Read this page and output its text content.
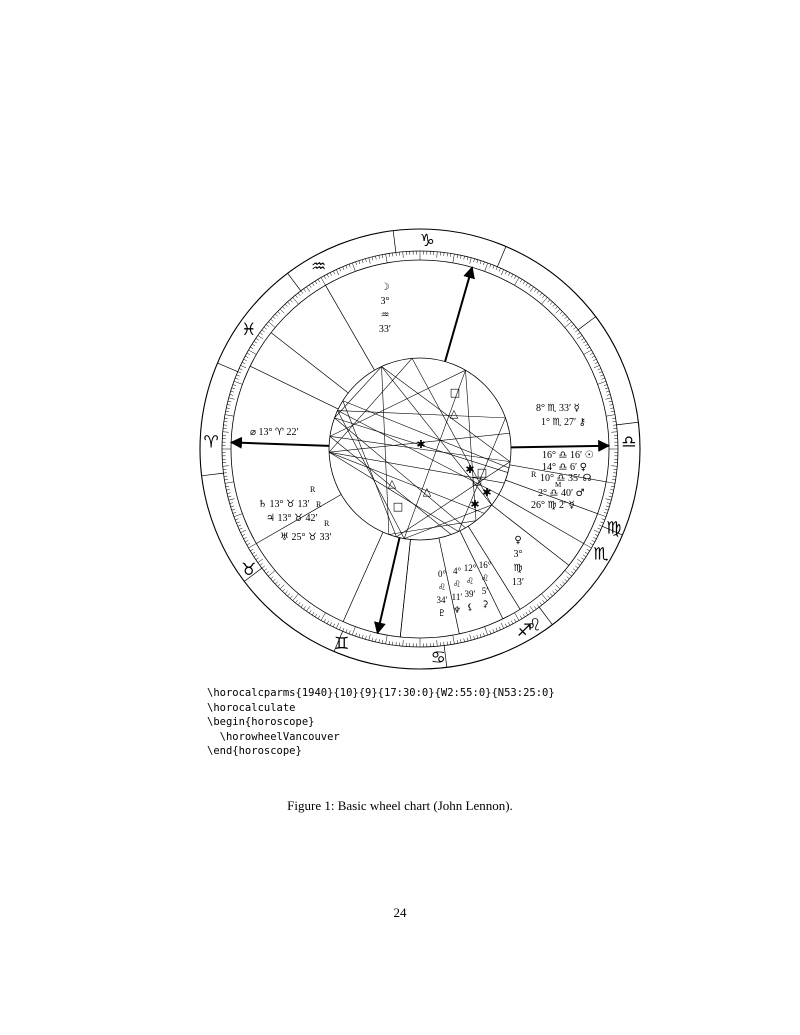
□
△
△
△
□
□
□
✱
✱
✱
✱
♑
♒
♓
♈
♉
♊
♋
♌
♍
♎
♏
♐
☽
3°
♒
33′
⌀ 13° ♈ 22′
♄ 13° ♉ 13′
R
♃ 13° ♉ 42′
R
♅ 25° ♉ 33′
R
8° ♏ 33′ ☿
1° ♏ 27′ ⚷
16° ♎ 16′ ☉
14° ♎ 6′ ♀
10° ♎ 35′ ☊
R
2° ♎ 40′ ♂
26° ♍ 2′ ☿
♀
3°
♍
13′
0°
♌
34′
♇
4°
♌
11′
♆
12°
♌
39′
⚸
16°
♌
5′
⚳
M
\horocalcparms{1940}{10}{9}{17:30:0}{W2:55:0}{N53:25:0}
\horocalculate
\begin{horoscope}
\horowheelVancouver
\end{horoscope}
Figure 1: Basic wheel chart (John Lennon).
24
